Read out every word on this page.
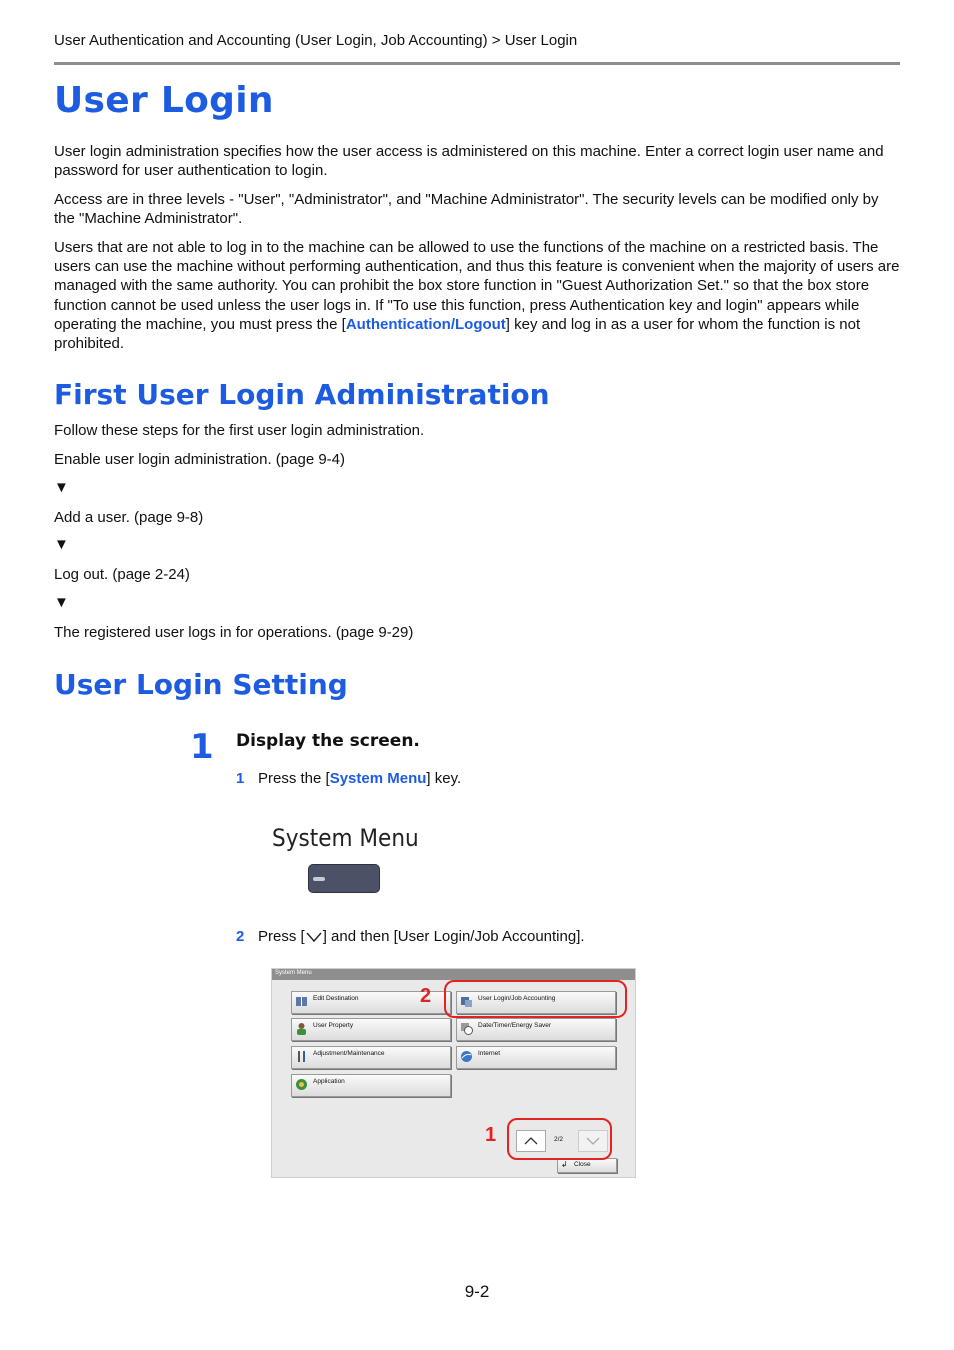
User Authentication and Accounting (User Login, Job Accounting) > User Login
User Login

User login administration specifies how the user access is administered on this machine. Enter a correct login user name and password for user authentication to login.

Access are in three levels - "User", "Administrator", and "Machine Administrator". The security levels can be modified only by the "Machine Administrator".

Users that are not able to log in to the machine can be allowed to use the functions of the machine on a restricted basis. The users can use the machine without performing authentication, and thus this feature is convenient when the majority of users are managed with the same authority. You can prohibit the box store function in "Guest Authorization Set." so that the box store function cannot be used unless the user logs in. If "To use this function, press Authentication key and login" appears while operating the machine, you must press the [Authentication/Logout] key and log in as a user for whom the function is not prohibited.

First User Login Administration
Follow these steps for the first user login administration.
Enable user login administration. (page 9-4)
▼
Add a user. (page 9-8)
▼
Log out. (page 2-24)
▼
The registered user logs in for operations. (page 9-29)
User Login Setting
1 Display the screen.
1 Press the [System Menu] key.
System Menu
2 Press [ ] and then [User Login/Job Accounting].
System Menu
Edit Destination
User Property
Adjustment/Maintenance
Application
User Login/Job Accounting
Date/Timer/Energy Saver
Internet
2/2
↲ Close
2
1
9-2
